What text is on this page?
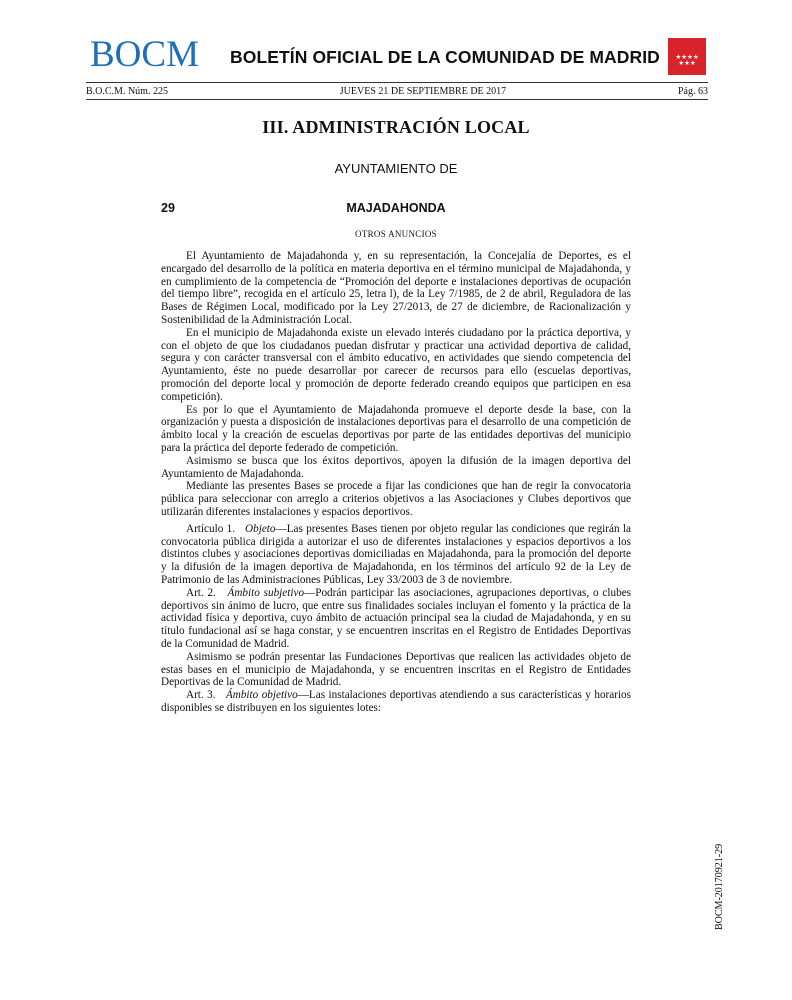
BOCM BOLETÍN OFICIAL DE LA COMUNIDAD DE MADRID	★★★★
★★★
B.O.C.M. Núm. 225	JUEVES 21 DE SEPTIEMBRE DE 2017	Pág. 63
III. ADMINISTRACIÓN LOCAL
AYUNTAMIENTO DE
29	MAJADAHONDA
OTROS ANUNCIOS

El Ayuntamiento de Majadahonda y, en su representación, la Concejalía de Deportes, es el encargado del desarrollo de la política en materia deportiva en el término municipal de Majadahonda, y en cumplimiento de la competencia de “Promoción del deporte e instalaciones deportivas de ocupación del tiempo libre”, recogida en el artículo 25, letra l), de la Ley 7/1985, de 2 de abril, Reguladora de las Bases de Régimen Local, modificado por la Ley 27/2013, de 27 de diciembre, de Racionalización y Sostenibilidad de la Administración Local.

En el municipio de Majadahonda existe un elevado interés ciudadano por la práctica deportiva, y con el objeto de que los ciudadanos puedan disfrutar y practicar una actividad deportiva de calidad, segura y con carácter transversal con el ámbito educativo, en actividades que siendo competencia del Ayuntamiento, éste no puede desarrollar por carecer de recursos para ello (escuelas deportivas, promoción del deporte local y promoción de deporte federado creando equipos que participen en esa competición).

Es por lo que el Ayuntamiento de Majadahonda promueve el deporte desde la base, con la organización y puesta a disposición de instalaciones deportivas para el desarrollo de una competición de ámbito local y la creación de escuelas deportivas por parte de las entidades deportivas del municipio para la práctica del deporte federado de competición.

Asimismo se busca que los éxitos deportivos, apoyen la difusión de la imagen deportiva del Ayuntamiento de Majadahonda.

Mediante las presentes Bases se procede a fijar las condiciones que han de regir la convocatoria pública para seleccionar con arreglo a criterios objetivos a las Asociaciones y Clubes deportivos que utilizarán diferentes instalaciones y espacios deportivos.

Artículo 1. Objeto—Las presentes Bases tienen por objeto regular las condiciones que regirán la convocatoria pública dirigida a autorizar el uso de diferentes instalaciones y espacios deportivos a los distintos clubes y asociaciones deportivas domiciliadas en Majadahonda, para la promoción del deporte y la difusión de la imagen deportiva de Majadahonda, en los términos del artículo 92 de la Ley de Patrimonio de las Administraciones Públicas, Ley 33/2003 de 3 de noviembre.

Art. 2. Ámbito subjetivo—Podrán participar las asociaciones, agrupaciones deportivas, o clubes deportivos sin ánimo de lucro, que entre sus finalidades sociales incluyan el fomento y la práctica de la actividad física y deportiva, cuyo ámbito de actuación principal sea la ciudad de Majadahonda, y en su título fundacional así se haga constar, y se encuentren inscritas en el Registro de Entidades Deportivas de la Comunidad de Madrid.

Asimismo se podrán presentar las Fundaciones Deportivas que realicen las actividades objeto de estas bases en el municipio de Majadahonda, y se encuentren inscritas en el Registro de Entidades Deportivas de la Comunidad de Madrid.

Art. 3. Ámbito objetivo—Las instalaciones deportivas atendiendo a sus características y horarios disponibles se distribuyen en los siguientes lotes:

BOCM-20170921-29
